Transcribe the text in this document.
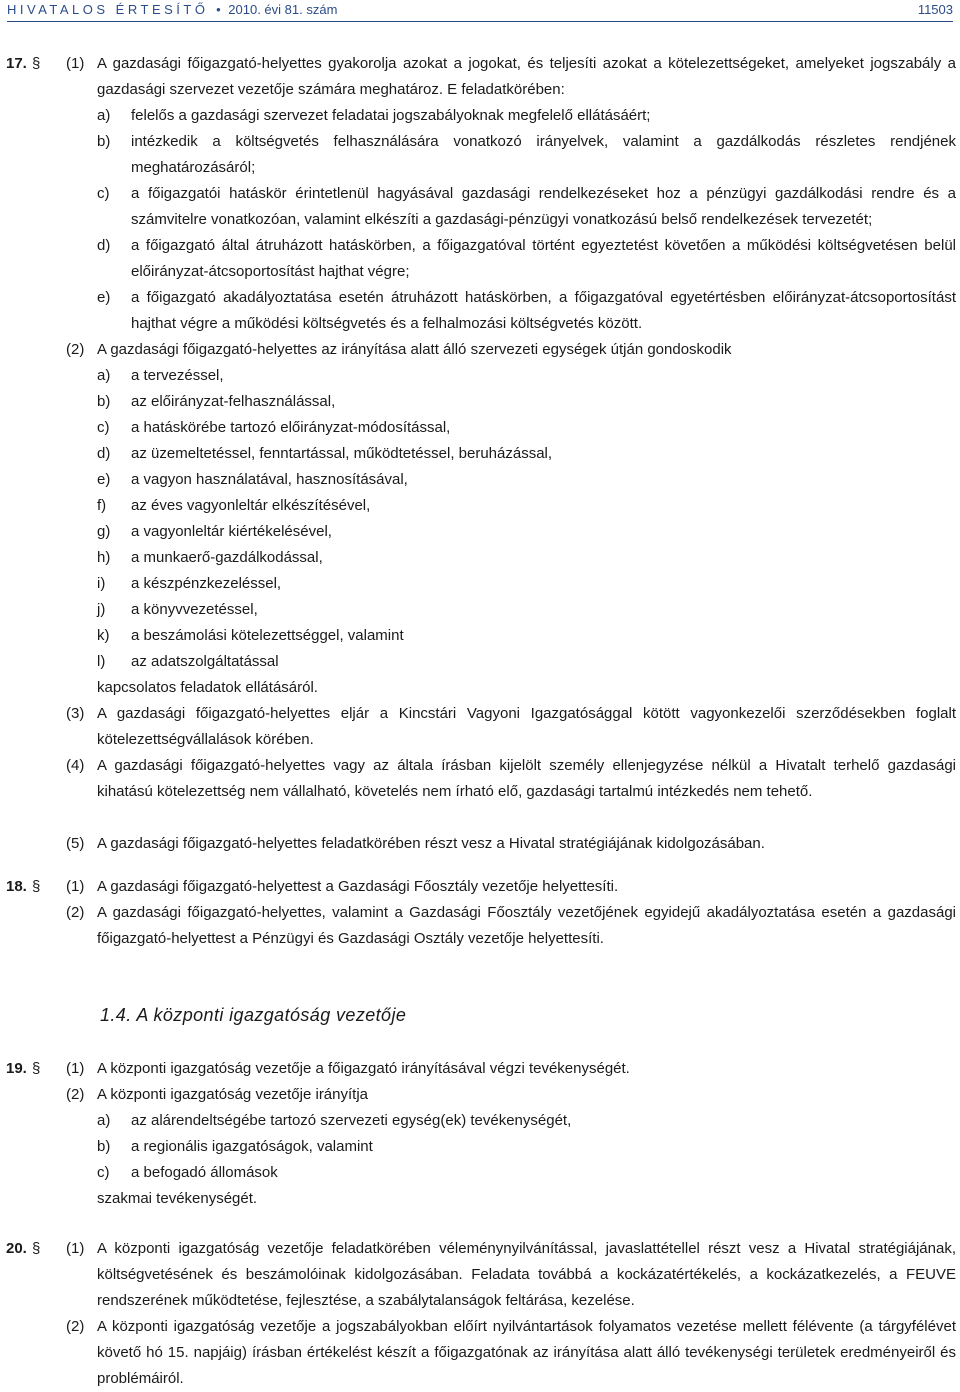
HIVATALOS ÉRTESÍTŐ • 2010. évi 81. szám	11503
17. § (1) A gazdasági főigazgató-helyettes gyakorolja azokat a jogokat, és teljesíti azokat a kötelezettségeket, amelyeket jogszabály a gazdasági szervezet vezetője számára meghatároz. E feladatkörében:
a) felelős a gazdasági szervezet feladatai jogszabályoknak megfelelő ellátásáért;
b) intézkedik a költségvetés felhasználására vonatkozó irányelvek, valamint a gazdálkodás részletes rendjének meghatározásáról;
c) a főigazgatói hatáskör érintetlenül hagyásával gazdasági rendelkezéseket hoz a pénzügyi gazdálkodási rendre és a számvitelre vonatkozóan, valamint elkészíti a gazdasági-pénzügyi vonatkozású belső rendelkezések tervezetét;
d) a főigazgató által átruházott hatáskörben, a főigazgatóval történt egyeztetést követően a működési költségvetésen belül előirányzat-átcsoportosítást hajthat végre;
e) a főigazgató akadályoztatása esetén átruházott hatáskörben, a főigazgatóval egyetértésben előirányzat-átcsoportosítást hajthat végre a működési költségvetés és a felhalmozási költségvetés között.
(2) A gazdasági főigazgató-helyettes az irányítása alatt álló szervezeti egységek útján gondoskodik
a) a tervezéssel,
b) az előirányzat-felhasználással,
c) a hatáskörébe tartozó előirányzat-módosítással,
d) az üzemeltetéssel, fenntartással, működtetéssel, beruházással,
e) a vagyon használatával, hasznosításával,
f) az éves vagyonleltár elkészítésével,
g) a vagyonleltár kiértékelésével,
h) a munkaerő-gazdálkodással,
i) a készpénzkezeléssel,
j) a könyvvezetéssel,
k) a beszámolási kötelezettséggel, valamint
l) az adatszolgáltatással
kapcsolatos feladatok ellátásáról.
(3) A gazdasági főigazgató-helyettes eljár a Kincstári Vagyoni Igazgatósággal kötött vagyonkezelői szerződésekben foglalt kötelezettségvállalások körében.
(4) A gazdasági főigazgató-helyettes vagy az általa írásban kijelölt személy ellenjegyzése nélkül a Hivatalt terhelő gazdasági kihatású kötelezettség nem vállalható, követelés nem írható elő, gazdasági tartalmú intézkedés nem tehető.
(5) A gazdasági főigazgató-helyettes feladatkörében részt vesz a Hivatal stratégiájának kidolgozásában.
18. § (1) A gazdasági főigazgató-helyettest a Gazdasági Főosztály vezetője helyettesíti.
(2) A gazdasági főigazgató-helyettes, valamint a Gazdasági Főosztály vezetőjének egyidejű akadályoztatása esetén a gazdasági főigazgató-helyettest a Pénzügyi és Gazdasági Osztály vezetője helyettesíti.
1.4. A központi igazgatóság vezetője
19. § (1) A központi igazgatóság vezetője a főigazgató irányításával végzi tevékenységét.
(2) A központi igazgatóság vezetője irányítja
a) az alárendeltségébe tartozó szervezeti egység(ek) tevékenységét,
b) a regionális igazgatóságok, valamint
c) a befogadó állomások
szakmai tevékenységét.
20. § (1) A központi igazgatóság vezetője feladatkörében véleménynyilvánítással, javaslattétellel részt vesz a Hivatal stratégiájának, költségvetésének és beszámolóinak kidolgozásában. Feladata továbbá a kockázatértékelés, a kockázatkezelés, a FEUVE rendszerének működtetése, fejlesztése, a szabálytalanságok feltárása, kezelése.
(2) A központi igazgatóság vezetője a jogszabályokban előírt nyilvántartások folyamatos vezetése mellett félévente (a tárgyfélévet követő hó 15. napjáig) írásban értékelést készít a főigazgatónak az irányítása alatt álló tevékenységi területek eredményeiről és problémáiról.
